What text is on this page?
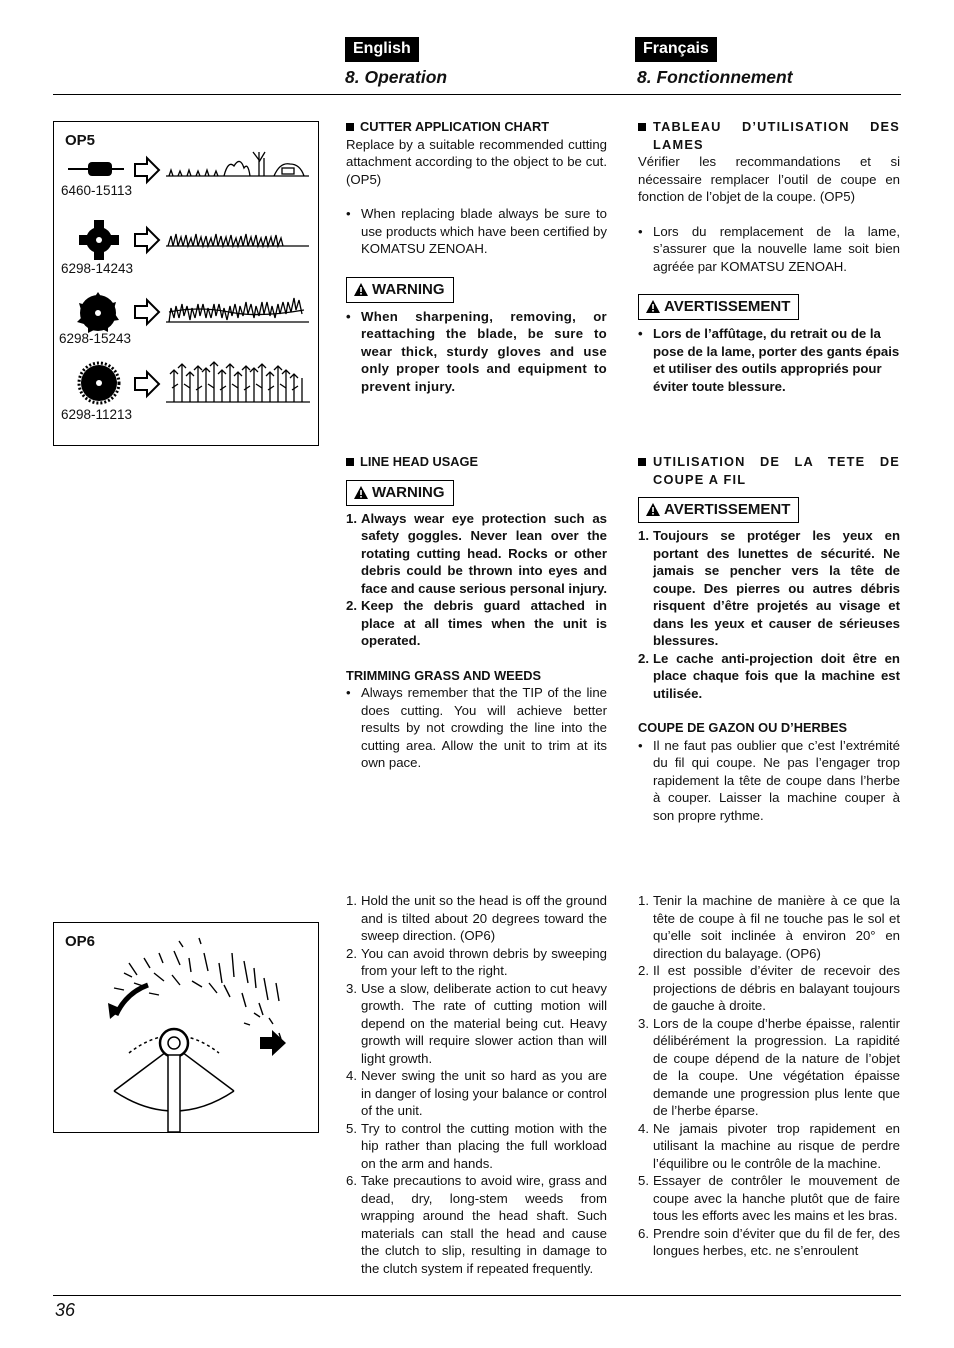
English	Français
8. Operation	8. Fonctionnement
OP5
6460-15113
6298-14243
6298-15243
6298-11213
OP6
CUTTER APPLICATION CHART

Replace by a suitable recommended cutting attachment according to the object to be cut. (OP5)

• When replacing blade always be sure to use products which have been certified by KOMATSU ZENOAH.
WARNING
• When sharpening, removing, or reattaching the blade, be sure to wear thick, sturdy gloves and use only proper tools and equipment to prevent injury.
LINE HEAD USAGE
WARNING
1. Always wear eye protection such as safety goggles. Never lean over the rotating cutting head. Rocks or other debris could be thrown into eyes and face and cause serious personal injury.
2. Keep the debris guard attached in place at all times when the unit is operated.
TRIMMING GRASS AND WEEDS
• Always remember that the TIP of the line does cutting. You will achieve better results by not crowding the line into the cutting area. Allow the unit to trim at its own pace.
1. Hold the unit so the head is off the ground and is tilted about 20 degrees toward the sweep direction. (OP6)
2. You can avoid thrown debris by sweeping from your left to the right.
3. Use a slow, deliberate action to cut heavy growth. The rate of cutting motion will depend on the material being cut. Heavy growth will require slower action than will light growth.
4. Never swing the unit so hard as you are in danger of losing your balance or control of the unit.
5. Try to control the cutting motion with the hip rather than placing the full workload on the arm and hands.
6. Take precautions to avoid wire, grass and dead, dry, long-stem weeds from wrapping around the head shaft. Such materials can stall the head and cause the clutch to slip, resulting in damage to the clutch system if repeated frequently.
TABLEAU D’UTILISATION DES LAMES

Vérifier les recommandations et si nécessaire remplacer l’outil de coupe en fonction de l’objet de la coupe. (OP5)

• Lors du remplacement de la lame, s’assurer que la nouvelle lame soit bien agréée par KOMATSU ZENOAH.
AVERTISSEMENT
• Lors de l’affûtage, du retrait ou de la pose de la lame, porter des gants épais et utiliser des outils appropriés pour éviter toute blessure.
UTILISATION DE LA TETE DE COUPE A FIL
AVERTISSEMENT
1. Toujours se protéger les yeux en portant des lunettes de sécurité. Ne jamais se pencher vers la tête de coupe. Des pierres ou autres débris risquent d’être projetés au visage et dans les yeux et causer de sérieuses blessures.
2. Le cache anti-projection doit être en place chaque fois que la machine est utilisée.
COUPE DE GAZON OU D’HERBES
• Il ne faut pas oublier que c’est l’extrémité du fil qui coupe. Ne pas l’engager trop rapidement la tête de coupe dans l’herbe à couper. Laisser la machine couper à son propre rythme.
1. Tenir la machine de manière à ce que la tête de coupe à fil ne touche pas le sol et qu’elle soit inclinée à environ 20° en direction du balayage. (OP6)
2. Il est possible d’éviter de recevoir des projections de débris en balayant toujours de gauche à droite.
3. Lors de la coupe d’herbe épaisse, ralentir délibérément la progression. La rapidité de coupe dépend de la nature de l’objet de la coupe. Une végétation épaisse demande une progression plus lente que de l’herbe éparse.
4. Ne jamais pivoter trop rapidement en utilisant la machine au risque de perdre l’équilibre ou le contrôle de la machine.
5. Essayer de contrôler le mouvement de coupe avec la hanche plutôt que de faire tous les efforts avec les mains et les bras.
6. Prendre soin d’éviter que du fil de fer, des longues herbes, etc. ne s’enroulent
36
